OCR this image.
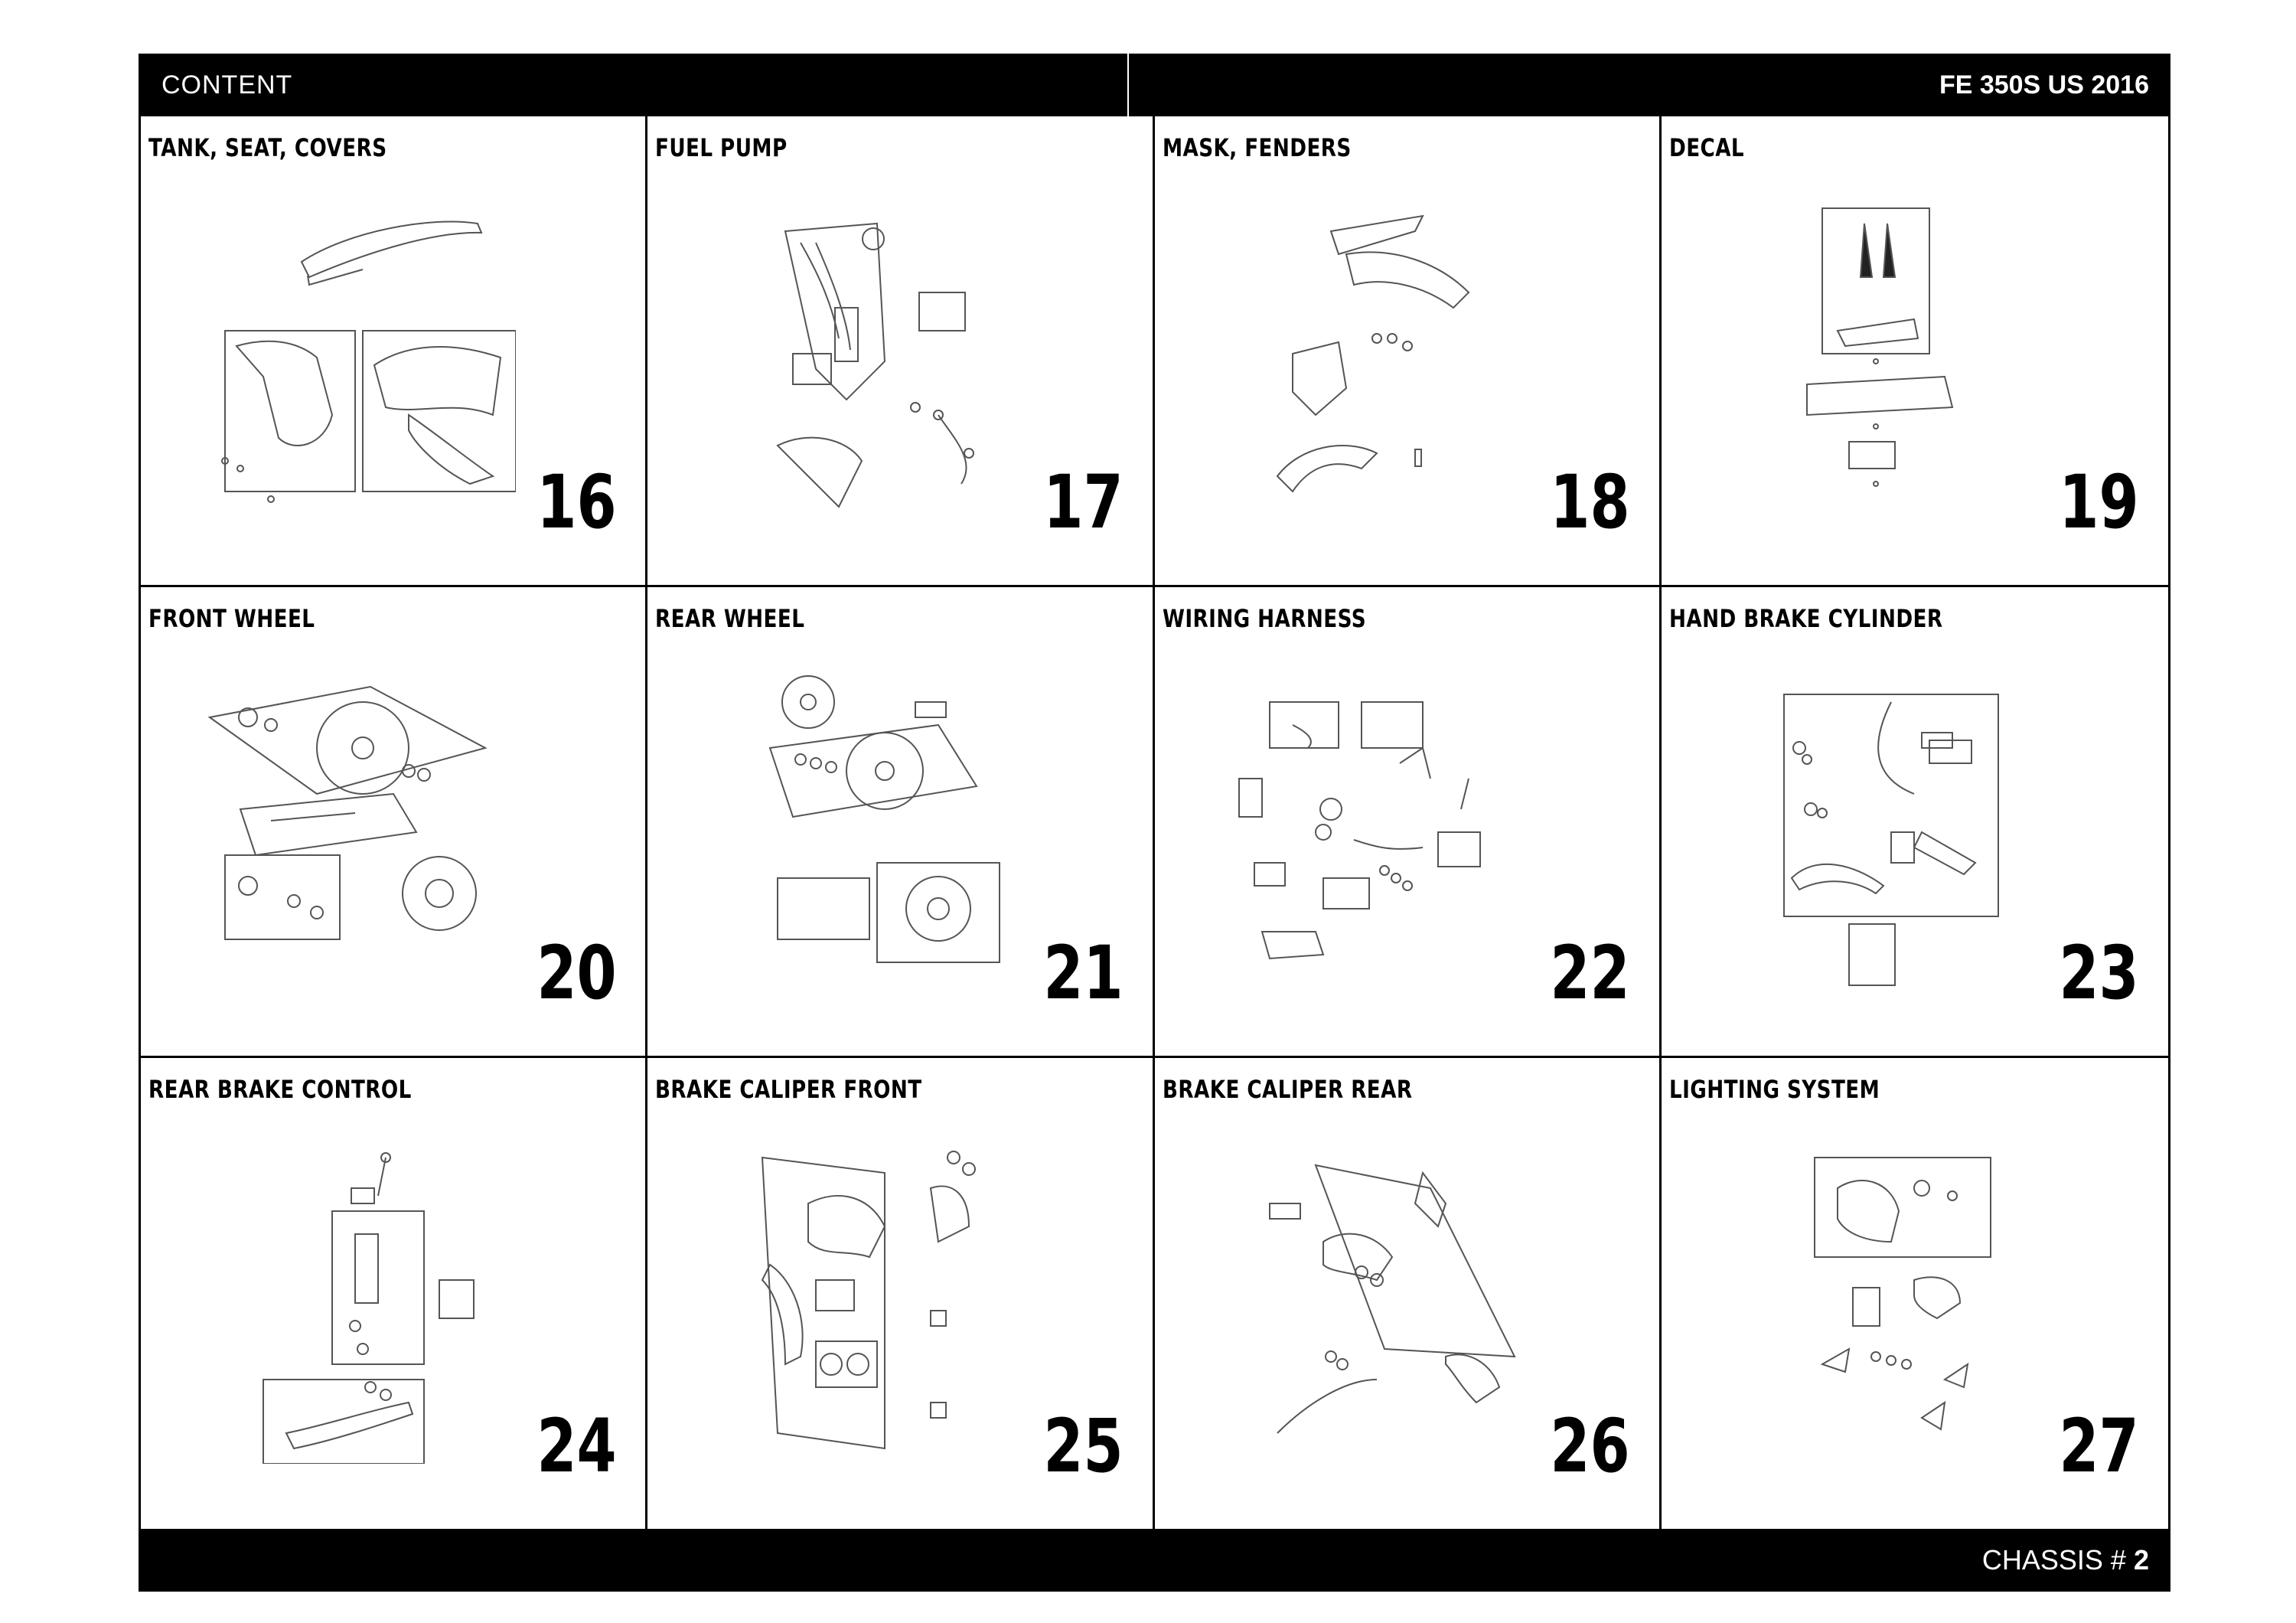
CONTENT	FE 350S US 2016
TANK, SEAT, COVERS
16
FUEL PUMP
17
MASK, FENDERS
18
DECAL
19
FRONT WHEEL
20
REAR WHEEL
21
WIRING HARNESS
22
HAND BRAKE CYLINDER
23
REAR BRAKE CONTROL
24
BRAKE CALIPER FRONT
25
BRAKE CALIPER REAR
26
LIGHTING SYSTEM
27
CHASSIS # 2
